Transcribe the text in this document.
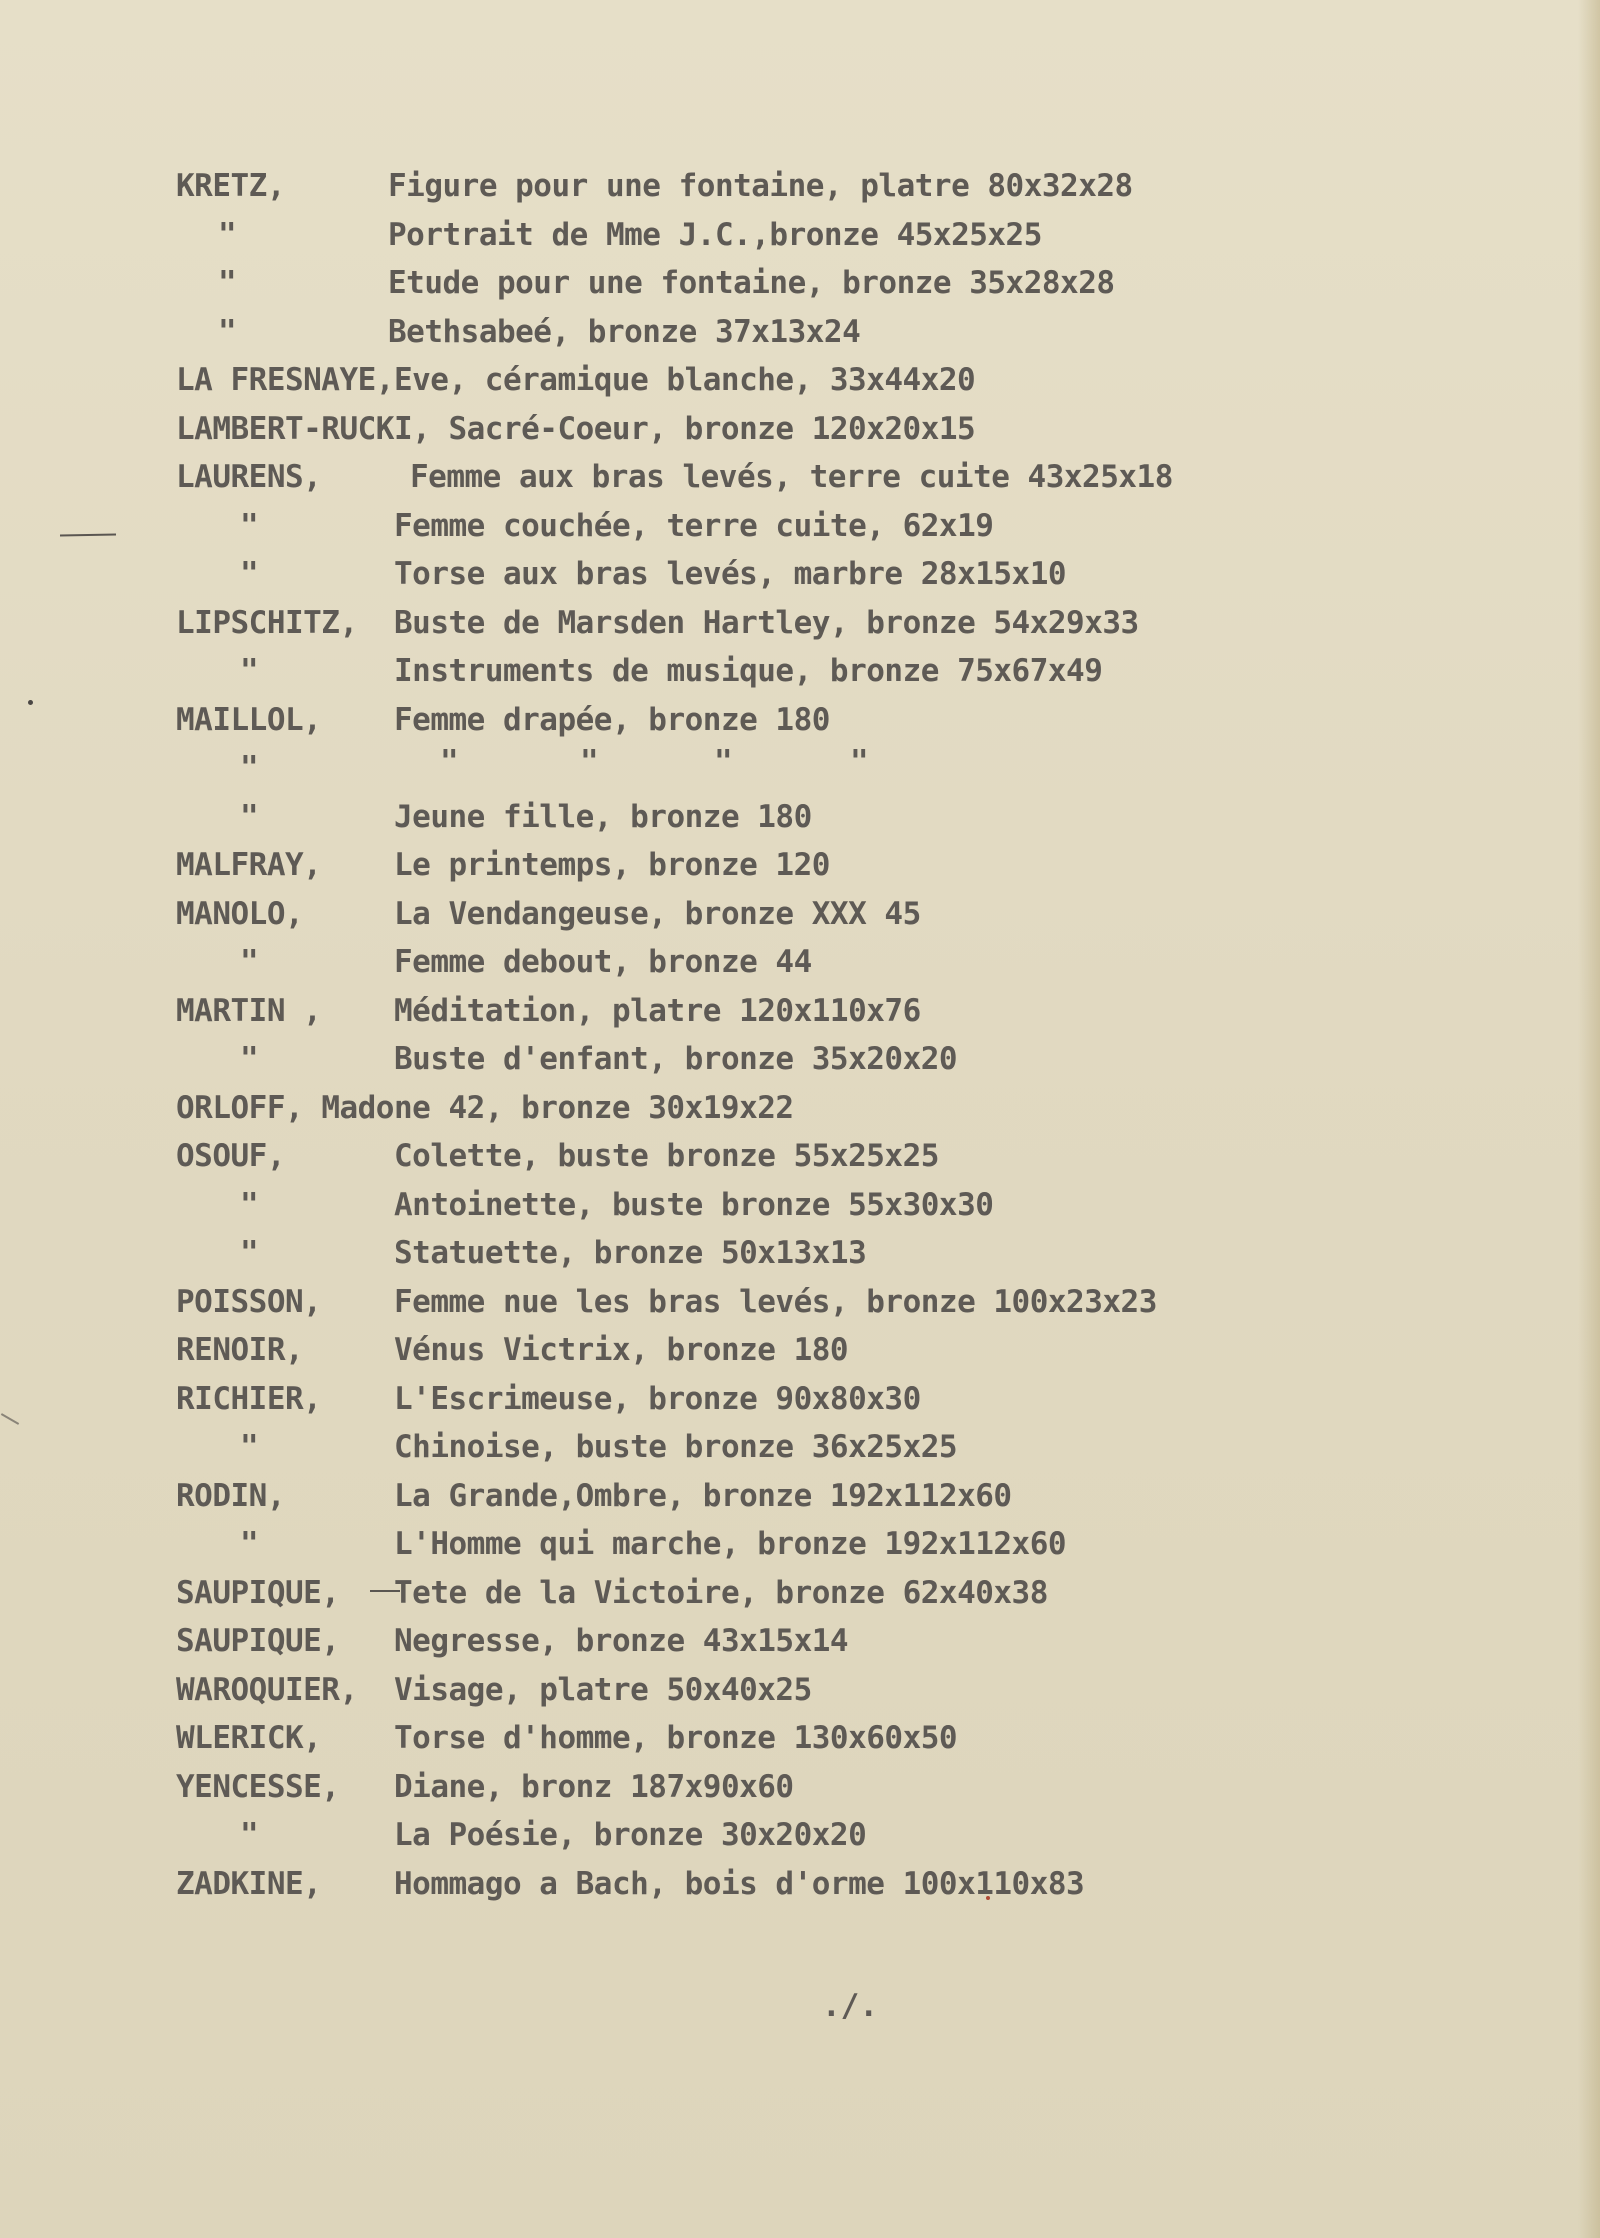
KRETZ,	Figure pour une fontaine, platre 80x32x28
"	Portrait de Mme J.C.,bronze 45x25x25
"	Etude pour une fontaine, bronze 35x28x28
"	Bethsabeé, bronze 37x13x24
LA FRESNAYE,Eve, céramique blanche, 33x44x20
LAMBERT-RUCKI, Sacré-Coeur, bronze 120x20x15
LAURENS,	Femme aux bras levés, terre cuite 43x25x18
"	Femme couchée, terre cuite, 62x19
"	Torse aux bras levés, marbre 28x15x10
LIPSCHITZ, Buste de Marsden Hartley, bronze 54x29x33
"	Instruments de musique, bronze 75x67x49
MAILLOL, Femme drapée, bronze 180
"	"	"	"	"
"	Jeune fille, bronze 180
MALFRAY, Le printemps, bronze 120
MANOLO,	La Vendangeuse, bronze XXX 45
"	Femme debout, bronze 44
MARTIN , Méditation, platre 120x110x76
"	Buste d'enfant, bronze 35x20x20
ORLOFF, Madone 42, bronze 30x19x22
OSOUF,	Colette, buste bronze 55x25x25
"	Antoinette, buste bronze 55x30x30
"	Statuette, bronze 50x13x13
POISSON, Femme nue les bras levés, bronze 100x23x23
RENOIR,	Vénus Victrix, bronze 180
RICHIER, L'Escrimeuse, bronze 90x80x30
"	Chinoise, buste bronze 36x25x25
RODIN,	La Grande,Ombre, bronze 192x112x60
"	L'Homme qui marche, bronze 192x112x60
SAUPIQUE, Tete de la Victoire, bronze 62x40x38
SAUPIQUE, Negresse, bronze 43x15x14
WAROQUIER, Visage, platre 50x40x25
WLERICK, Torse d'homme, bronze 130x60x50
YENCESSE, Diane, bronz 187x90x60
"	La Poésie, bronze 30x20x20
ZADKINE, Hommago a Bach, bois d'orme 100x110x83
./.
